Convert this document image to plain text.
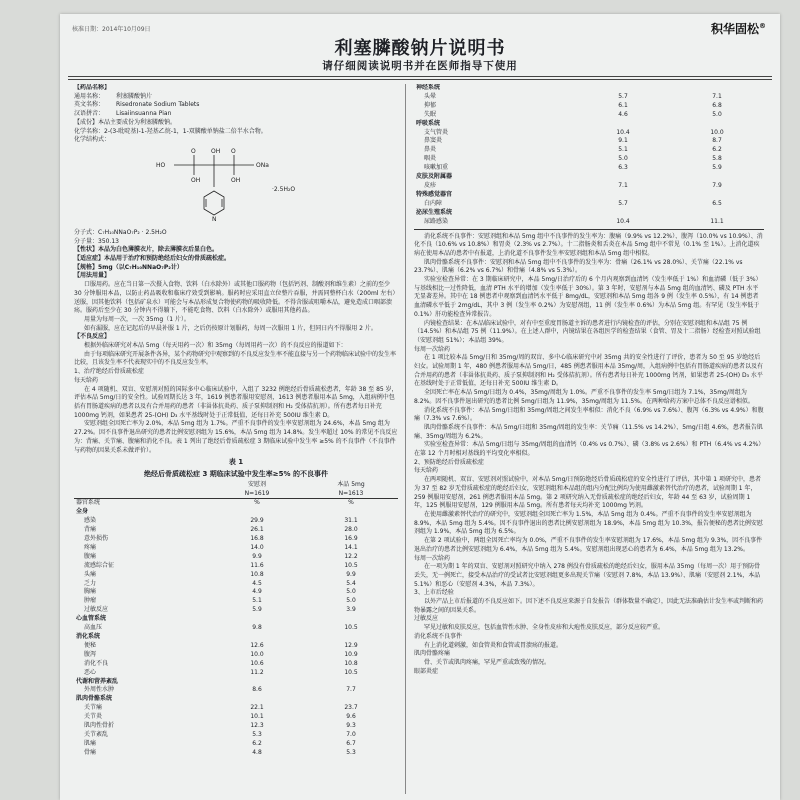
核准日期：2014年10月09日	积华固松®
利塞膦酸钠片说明书
请仔细阅读说明书并在医师指导下使用
【药品名称】
通用名称：	利塞膦酸钠片
英文名称：	Risedronate Sodium Tablets
汉语拼音：	Lisaiinsuanna Pian
【成份】本品主要成份为利塞膦酸钠。
化学名称：2-(3-吡啶基)-1-羟基乙烷-1，1-双膦酸单钠盐二倍半水合物。
化学结构式：
HO
O	OH O
ONa
OH	OH
N
·2.5H₂O
分子式：C₇H₁₀NNaO₇P₂ · 2.5H₂O
分子量：350.13
【性状】本品为白色薄膜衣片，除去薄膜衣后显白色。
【适应症】本品用于治疗和预防绝经后妇女的骨质疏松症。
【规格】5mg（以C₇H₁₀NNaO₇P₂计）
【用法用量】

口服用药。应在当日第一次摄入食物、饮料（白水除外）或其他口服药物（包括钙剂、制酸剂和维生素）之前的至少 30 分钟服用本品，以防止药品吸收和临床疗效受到影响。服药时应采用直立位整片吞服，并需同整杯白水（200ml 左右）送服，因其他饮料（包括矿泉水）可能会与本品形成复合物使药物的吸收降低。不得含服或咀嚼本品，避免造成口咽部溃疡。服药后至少在 30 分钟内不得躺下，不能吃食物、饮料（白水除外）或服用其他药品。

用量为每周一次，一次 35mg（1 片）。

如有漏服，应在记起后的早晨补服 1 片，之后仍按原计划服药，每周一次服用 1 片，但同日内不得服用 2 片。

【不良反应】

根据外临床研究对本品 5mg（每天用药一次）和 35mg（每周用药一次）的不良反应的报道如下：

由于每项临床研究开展条件各异，某个药物研究中观察到的不良反应发生率不能直接与另一个药物临床试验中的发生率比较，且该发生率不代表现实中的不良反应发生率。

1、治疗绝经后骨质疏松症
每天给药

在 4 项随机、双盲、安慰剂对照的国际多中心临床试验中，入组了 3232 例绝经后骨质疏松患者，年龄 38 至 85 岁，评估本品 5mg/日的安全性。试验周期长达 3 年，1619 例患者服用安慰剂，1613 例患者服用本品 5mg，入组病例中包括有胃肠道疾病的患者以及有合并用药的患者（非甾体抗炎药、质子泵抑制剂和 H₂ 受体拮抗剂）。所有患者每日补充 1000mg 钙剂，如果患者 25-(OH) D₃ 水平基线时处于正常低值，还每日补充 500IU 维生素 D。

安慰剂组全因死亡率为 2.0%，本品 5mg 组为 1.7%。严重不良事件的发生率安慰剂组为 24.6%，本品 5mg 组为 27.2%。因不良事件退出研究的患者比例安慰剂组为 15.6%，本品 5mg 组为 14.8%。发生率超过 10% 的常见不良反应为：背痛、关节痛、腹痛和消化不良。表 1 列出了绝经后骨质疏松症 3 期临床试验中发生率 ≥5% 的不良事件（不良事件与药物的因果关系未做评价）。

表 1
绝经后骨质疏松症 3 期临床试验中发生率≥5% 的不良事件
	安慰剂	本品 5mg
	N=1619	N=1613
器官系统	%	%
全身		
感染	29.9	31.1
背痛	26.1	28.0
意外损伤	16.8	16.9
疼痛	14.0	14.1
腹痛	9.9	12.2
流感综合征	11.6	10.5
头痛	10.8	9.9
乏力	4.5	5.4
胸痛	4.9	5.0
肿瘤	5.1	5.0
过敏反应	5.9	3.9
心血管系统		
高血压	9.8	10.5
消化系统		
便秘	12.6	12.9
腹泻	10.0	10.9
消化不良	10.6	10.8
恶心	11.2	10.5
代谢和营养紊乱		
外周性水肿	8.6	7.7
肌肉骨骼系统		
关节痛	22.1	23.7
关节炎	10.1	9.6
肌肉性骨折	12.3	9.3
关节紊乱	5.3	7.0
肌痛	6.2	6.7
骨痛	4.8	5.3
神经系统		
头晕	5.7	7.1
抑郁	6.1	6.8
失眠	4.6	5.0
呼吸系统		
支气管炎	10.4	10.0
鼻窦炎	9.1	8.7
鼻炎	5.1	6.2
咽炎	5.0	5.8
咳嗽加重	6.3	5.9
皮肤及附属器		
皮疹	7.1	7.9
特殊感觉器官		
白内障	5.7	6.5
泌尿生殖系统		
尿路感染	10.4	11.1

消化系统不良事件：安慰剂组和本品 5mg 组中不良事件的发生率为：腹痛（9.9% vs 12.2%）、腹泻（10.0% vs 10.9%）、消化不良（10.6% vs 10.8%）和胃炎（2.3% vs 2.7%）。十二指肠炎和舌炎在本品 5mg 组中不常见（0.1% 至 1%）。上消化道疾病在使用本品的患者中有报道，上消化道不良事件发生率安慰剂组和本品 5mg 组中相似。

肌肉骨骼系统不良事件：安慰剂和本品 5mg 组中不良事件的发生率为：骨痛（26.1% vs 28.0%）、关节痛（22.1% vs 23.7%）、肌痛（6.2% vs 6.7%）和骨痛（4.8% vs 5.3%）。

实验室检查异常：在 3 期临床研究中，本品 5mg/日治疗后的 6 个月内观察到血清钙（发生率低于 1%）和血清磷（低于 3%）与基线相比一过性降低，血清 PTH 水平的增加（发生率低于 30%）。第 3 年时，安慰剂与本品 5mg 组的血清钙、磷及 PTH 水平无显著差异。其中在 18 例患者中观察到血清钙水平低于 8mg/dL，安慰剂和本品 5mg 组各 9 例（发生率 0.5%），有 14 例患者血清磷水平低于 2mg/dL，其中 3 例（发生率 0.2%）为安慰剂组，11 例（发生率 0.6%）为本品 5mg 组。有罕见（发生率低于 0.1%）肝功能检查异常报告。

内镜检查结果：在本品临床试验中，对有中至重度胃肠道主诉的患者进行内镜检查的评估，分别在安慰剂组和本品组 75 例（14.5%）和本品组 75 例（11.9%）。在上述人群中，内镜结果在各组医学的检查结果（食管、胃及十二指肠）经检查对照试验组（安慰剂组 51%）；本品组 39%。

每周一次给药

在 1 项比较本品 5mg/日和 35mg/周的双盲、多中心临床研究中对 35mg 共的安全性进行了评价，患者为 50 至 95 岁绝经后妇女。试验周期 1 年，480 例患者服用本品 5mg/日，485 例患者服用本品 35mg/周，入组病例中包括有胃肠道疾病的患者以及有合并用药的患者（非甾体抗炎药、质子泵抑制剂和 H₂ 受体拮抗剂）。所有患者每日补充 1000mg 钙剂，如果患者 25-(OH) D₃ 水平在基线时处于正常低值，还每日补充 500IU 维生素 D。

全因死亡率在本品 5mg/日组为 0.4%，35mg/周组为 1.0%。严重不良事件的发生率 5mg/日组为 7.1%，35mg/周组为 8.2%。因不良事件退出研究的患者比例 5mg/日组为 11.9%，35mg/周组为 11.5%。在两种给药方案中总体不良反应谱相似。

消化系统不良事件：本品 5mg/日组和 35mg/周组之间发生率相似：消化不良（6.9% vs 7.6%）、腹泻（6.3% vs 4.9%）和腹痛（7.3% vs 7.6%）。

肌肉骨骼系统不良事件：本品 5mg/日组和 35mg/周组的发生率：关节痛（11.5% vs 14.2%）、5mg/日组 4.6%，患者报告肌痛、35mg/周组为 6.2%。

实验室检查异常：本品 5mg/日组与 35mg/周组的血清钙（0.4% vs 0.7%）、磷（3.8% vs 2.6%）和 PTH（6.4% vs 4.2%）在第 12 个月时相对基线的平均变化率相似。

2、预防绝经后骨质疏松症
每天给药

在两项随机、双盲、安慰剂对照试验中，对本品 5mg/日预防绝经后骨质疏松症的安全性进行了评估，其中第 1 项研究中，患者为 37 至 82 岁无骨质疏松症的绝经后妇女，安慰剂组和本品组的组内分配比例均为使用雌激素替代治疗的患者，试验周期 1 年，259 例服用安慰剂，261 例患者服用本品 5mg。第 2 项研究纳入无骨质疏松症的绝经后妇女，年龄 44 至 63 岁，试验周期 1 年，125 例服用安慰剂，129 例服用本品 5mg。所有患者每天均补充 1000mg 钙剂。

在使用雌激素替代治疗的研究中，安慰剂组全因死亡率为 1.5%，本品 5mg 组为 0.4%。严重不良事件的发生率安慰剂组为 8.9%，本品 5mg 组为 5.4%。因不良事件退出的患者比例安慰剂组为 18.9%，本品 5mg 组为 10.3%，报告便秘的患者比例安慰剂组为 1.9%，本品 5mg 组为 6.5%。

在第 2 项试验中，两组全因死亡率均为 0.0%，严重不良事件的发生率安慰剂组为 17.6%，本品 5mg 组为 9.3%，因不良事件退出治疗的患者比例安慰剂组为 6.4%，本品 5mg 组为 5.4%。安慰剂组出现恶心的患者为 6.4%，本品 5mg 组为 13.2%。

每周一次给药

在一项为期 1 年的双盲、安慰剂对照研究中纳入 278 例没有骨质疏松的绝经后妇女，服用本品 35mg（每周一次）用于预防骨丢失，无一例死亡，接受本品治疗的受试者比安慰剂组更多出现关节痛（安慰剂 7.8%，本品 13.9%）、肌痛（安慰剂 2.1%，本品 5.1%）和恶心（安慰剂 4.3%，本品 7.3%）。

3、上市后经验

以外产品上市后报道的不良反应如下。因下述不良反应来源于自发报告（群体数量不确定），因此无法准确估计发生率或判断和药物暴露之间的因果关系。

过敏反应

罕见过敏和皮肤反应，包括血管性水肿、全身性皮疹和大疱性皮肤反应，部分反应较严重。

消化系统不良事件

有上消化道刺激，如食管炎和食管或胃溃疡的报道。

肌肉骨骼疼痛

骨、关节或肌肉疼痛，罕见严重或致残的情况。

眼部炎症
